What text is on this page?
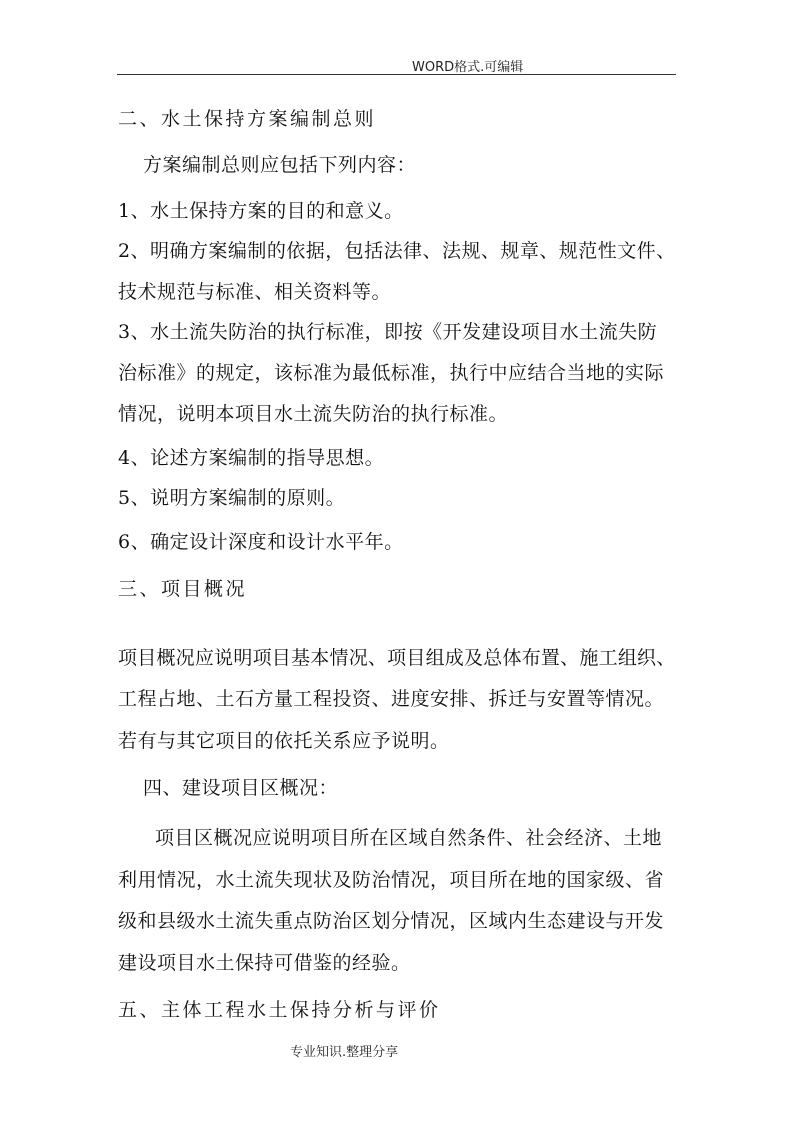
WORD格式.可编辑
二、水土保持方案编制总则
方案编制总则应包括下列内容：
1、水土保持方案的目的和意义。
2、明确方案编制的依据，包括法律、法规、规章、规范性文件、
技术规范与标准、相关资料等。
3、水土流失防治的执行标准，即按《开发建设项目水土流失防
治标准》的规定，该标准为最低标准，执行中应结合当地的实际
情况，说明本项目水土流失防治的执行标准。
4、论述方案编制的指导思想。
5、说明方案编制的原则。
6、确定设计深度和设计水平年。
三、项目概况
项目概况应说明项目基本情况、项目组成及总体布置、施工组织、
工程占地、土石方量工程投资、进度安排、拆迁与安置等情况。
若有与其它项目的依托关系应予说明。
四、建设项目区概况：
项目区概况应说明项目所在区域自然条件、社会经济、土地
利用情况，水土流失现状及防治情况，项目所在地的国家级、省
级和县级水土流失重点防治区划分情况，区域内生态建设与开发
建设项目水土保持可借鉴的经验。
五、主体工程水土保持分析与评价
专业知识.整理分享
